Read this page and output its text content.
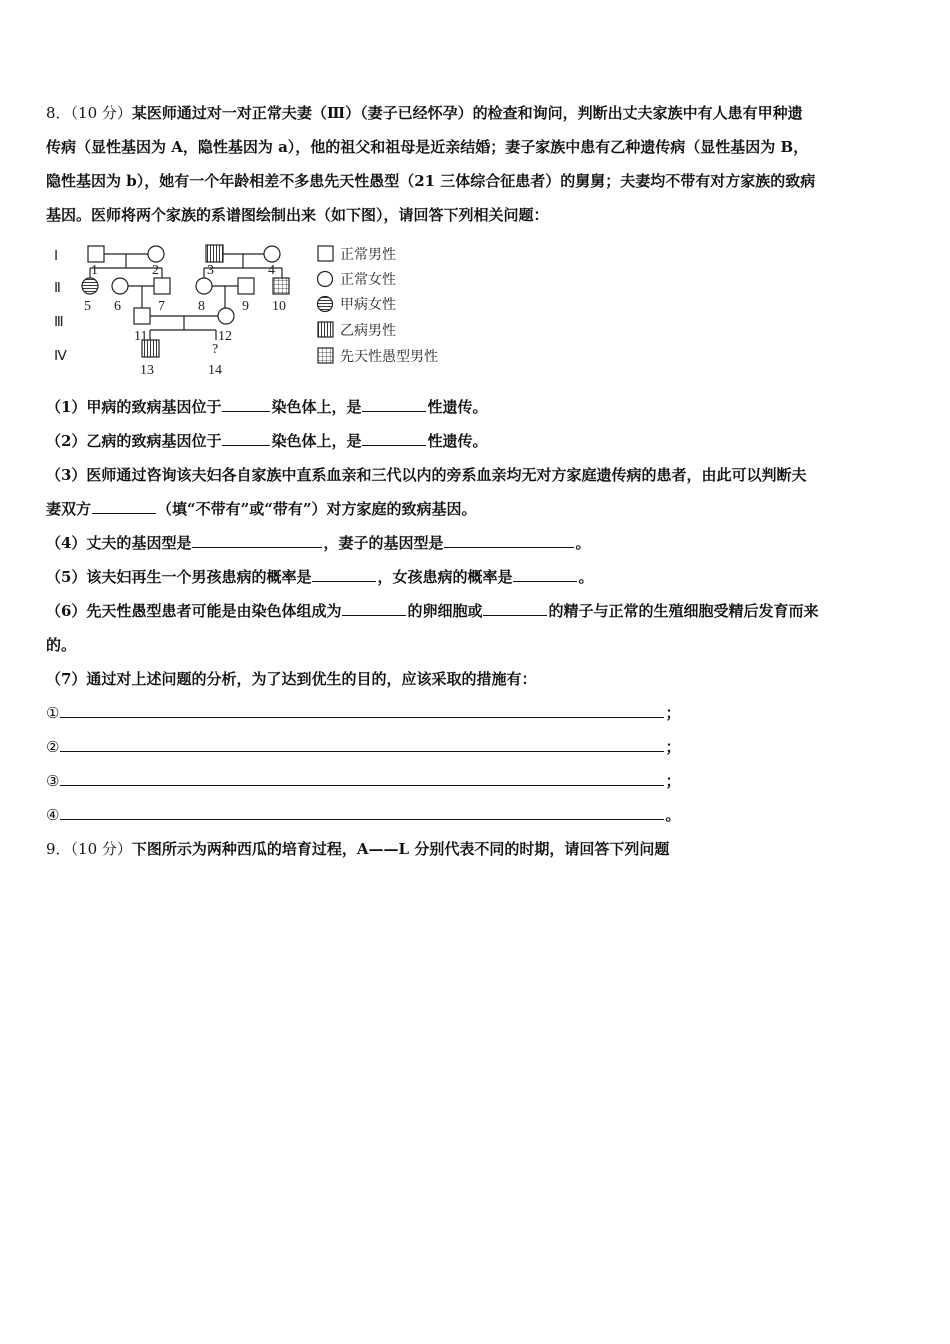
8．（10 分）某医师通过对一对正常夫妻（Ⅲ）（妻子已经怀孕）的检查和询问，判断出丈夫家族中有人患有甲种遗
传病（显性基因为 A，隐性基因为 a），他的祖父和祖母是近亲结婚；妻子家族中患有乙种遗传病（显性基因为 B，
隐性基因为 b），她有一个年龄相差不多患先天性愚型（21 三体综合征患者）的舅舅；夫妻均不带有对方家族的致病
基因。医师将两个家族的系谱图绘制出来（如下图），请回答下列相关问题：
Ⅰ
Ⅱ
Ⅲ
Ⅳ
1	2	3	4
5 6	7 8	9 10
11	12
13
?
14
正常男性
正常女性
甲病女性
乙病男性
先天性愚型男性
（1）甲病的致病基因位于	染色体上，是	性遗传。
（2）乙病的致病基因位于	染色体上，是	性遗传。
（3）医师通过咨询该夫妇各自家族中直系血亲和三代以内的旁系血亲均无对方家庭遗传病的患者，由此可以判断夫
妻双方	（填“不带有”或“带有”）对方家庭的致病基因。
（4）丈夫的基因型是	，妻子的基因型是	。
（5）该夫妇再生一个男孩患病的概率是	，女孩患病的概率是	。
（6）先天性愚型患者可能是由染色体组成为	的卵细胞或	的精子与正常的生殖细胞受精后发育而来
的。
（7）通过对上述问题的分析，为了达到优生的目的，应该采取的措施有：
①	；
②	；
③	；
④	。
9．（10 分）下图所示为两种西瓜的培育过程，A——L 分别代表不同的时期，请回答下列问题
